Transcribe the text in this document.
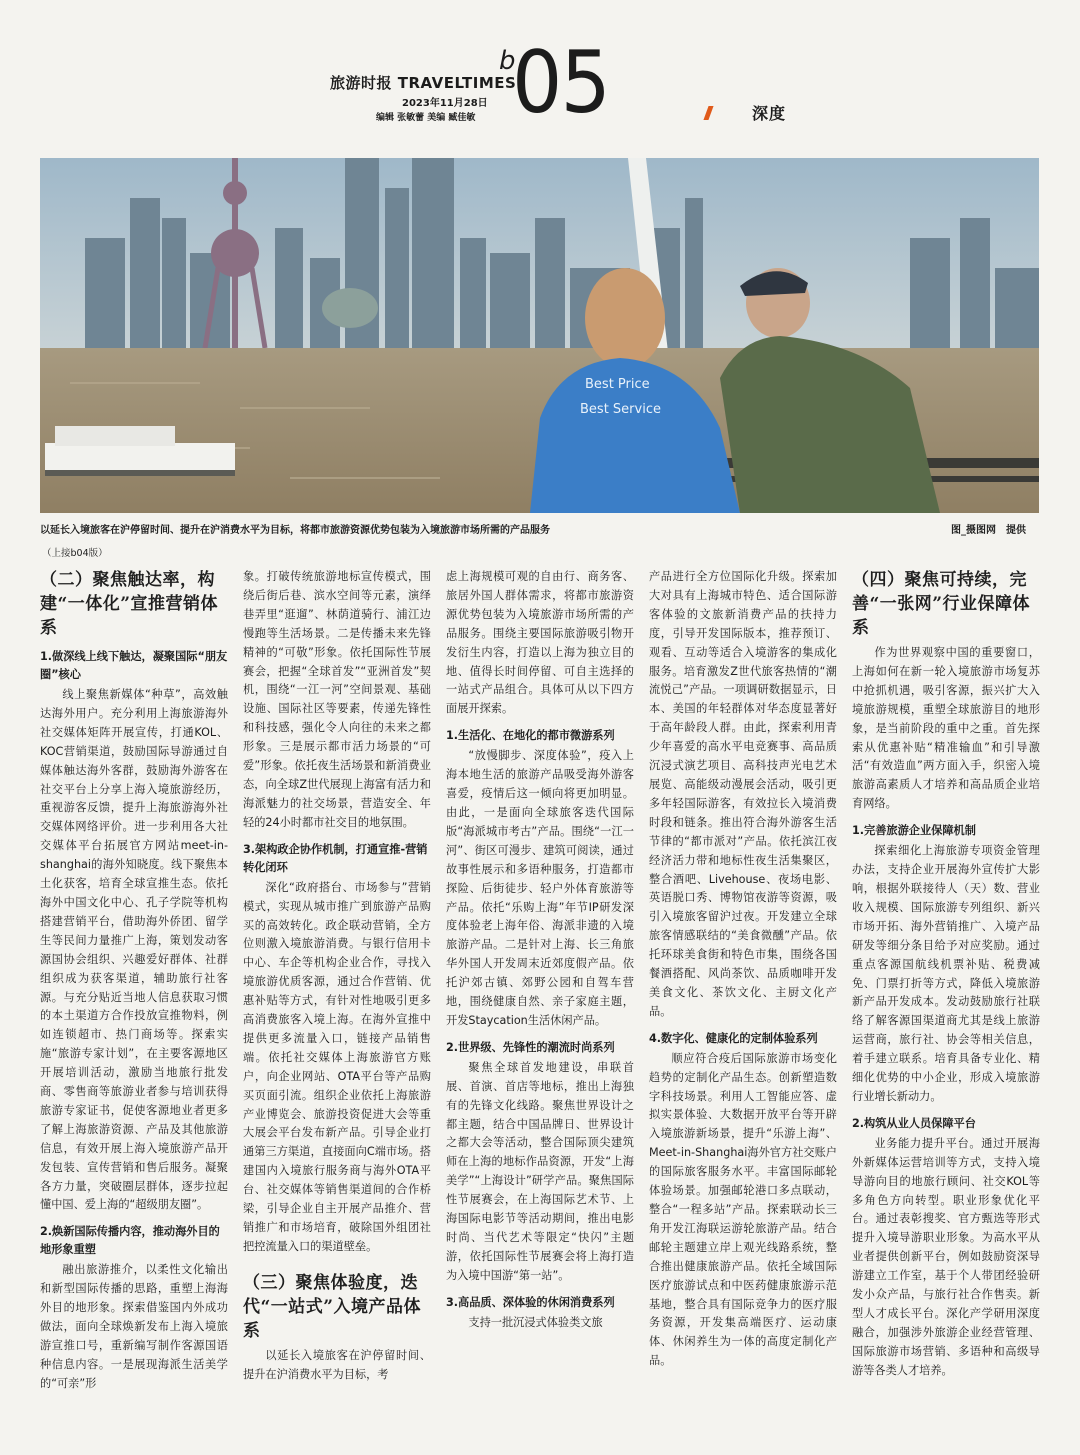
旅游时报 TRAVELTIMES
2023年11月28日
编辑 张敏蕾 美编 臧佳敏
b
05	深度
Best Price
Best Service
以延长入境旅客在沪停留时间、提升在沪消费水平为目标，将都市旅游资源优势包装为入境旅游市场所需的产品服务	图_摄图网　提供
（上接b04版）
（二）聚焦触达率，构建“一体化”宣推营销体系
1.做深线上线下触达，凝聚国际“朋友圈”核心

线上聚焦新媒体“种草”，高效触达海外用户。充分利用上海旅游海外社交媒体矩阵开展宣传，打通KOL、KOC营销渠道，鼓励国际导游通过自媒体触达海外客群，鼓励海外游客在社交平台上分享上海入境旅游经历，重视游客反馈，提升上海旅游海外社交媒体网络评价。进一步利用各大社交媒体平台拓展官方网站meet-in-shanghai的海外知晓度。线下聚焦本土化获客，培育全球宣推生态。依托海外中国文化中心、孔子学院等机构搭建营销平台，借助海外侨团、留学生等民间力量推广上海，策划发动客源国协会组织、兴趣爱好群体、社群组织成为获客渠道，辅助旅行社客源。与充分贴近当地人信息获取习惯的本土渠道方合作投放宣推物料，例如连锁超市、热门商场等。探索实施“旅游专家计划”，在主要客源地区开展培训活动，激励当地旅行批发商、零售商等旅游业者参与培训获得旅游专家证书，促使客源地业者更多了解上海旅游资源、产品及其他旅游信息，有效开展上海入境旅游产品开发包装、宣传营销和售后服务。凝聚各方力量，突破圈层群体，逐步拉起懂中国、爱上海的“超级朋友圈”。

2.焕新国际传播内容，推动海外目的地形象重塑

融出旅游推介，以柔性文化输出和新型国际传播的思路，重塑上海海外目的地形象。探索借鉴国内外成功做法，面向全球焕新发布上海入境旅游宣推口号，重新编写制作客源国语种信息内容。一是展现海派生活美学的“可亲”形

象。打破传统旅游地标宣传模式，围绕后街后巷、滨水空间等元素，演绎巷弄里“逛遛”、林荫道骑行、浦江边慢跑等生活场景。二是传播未来先锋精神的“可敬”形象。依托国际性节展赛会，把握“全球首发”“亚洲首发”契机，围绕“一江一河”空间景观、基础设施、国际社区等要素，传递先锋性和科技感，强化令人向往的未来之都形象。三是展示都市活力场景的“可爱”形象。依托夜生活场景和新消费业态，向全球Z世代展现上海富有活力和海派魅力的社交场景，营造安全、年轻的24小时都市社交目的地氛围。

3.架构政企协作机制，打通宣推-营销转化闭环

深化“政府搭台、市场参与”营销模式，实现从城市推广到旅游产品购买的高效转化。政企联动营销，全方位则激入境旅游消费。与银行信用卡中心、车企等机构企业合作，寻找入境旅游优质客源，通过合作营销、优惠补贴等方式，有针对性地吸引更多高消费旅客入境上海。在海外宣推中提供更多流量入口，链接产品销售端。依托社交媒体上海旅游官方账户，向企业网站、OTA平台等产品购买页面引流。组织企业依托上海旅游产业博览会、旅游投资促进大会等重大展会平台发布新产品。引导企业打通第三方渠道，直接面向C端市场。搭建国内入境旅行服务商与海外OTA平台、社交媒体等销售渠道间的合作桥梁，引导企业自主开展产品推介、营销推广和市场培育，破除国外组团社把控流量入口的渠道壁垒。

（三）聚焦体验度，迭代“一站式”入境产品体系

以延长入境旅客在沪停留时间、提升在沪消费水平为目标，考

虑上海规模可观的自由行、商务客、旅居外国人群体需求，将都市旅游资源优势包装为入境旅游市场所需的产品服务。围绕主要国际旅游吸引物开发衍生内容，打造以上海为独立目的地、值得长时间停留、可自主选择的一站式产品组合。具体可从以下四方面展开探索。

1.生活化、在地化的都市微游系列

“放慢脚步、深度体验”，疫入上海本地生活的旅游产品吸受海外游客喜爱，疫情后这一倾向将更加明显。由此，一是面向全球旅客迭代国际版“海派城市考古”产品。围绕“一江一河”、街区可漫步、建筑可阅读，通过故事性展示和多语种服务，打造都市探险、后街徒步、轻户外体育旅游等产品。依托“乐购上海”年节IP研发深度体验老上海年俗、海派非遗的入境旅游产品。二是针对上海、长三角旅华外国人开发周末近郊度假产品。依托沪郊古镇、郊野公园和自驾车营地，围绕健康自然、亲子家庭主题，开发Staycation生活休闲产品。

2.世界级、先锋性的潮流时尚系列

聚焦全球首发地建设，串联首展、首演、首店等地标，推出上海独有的先锋文化线路。聚焦世界设计之都主题，结合中国品牌日、世界设计之都大会等活动，整合国际顶尖建筑师在上海的地标作品资源，开发“上海美学”“上海设计”研学产品。聚焦国际性节展赛会，在上海国际艺术节、上海国际电影节等活动期间，推出电影时尚、当代艺术等限定“快闪”主题游，依托国际性节展赛会将上海打造为入境中国游“第一站”。

3.高品质、深体验的休闲消费系列

支持一批沉浸式体验类文旅

产品进行全方位国际化升级。探索加大对具有上海城市特色、适合国际游客体验的文旅新消费产品的扶持力度，引导开发国际版本，推荐预订、观看、互动等适合入境游客的集成化服务。培育激发Z世代旅客热情的“潮流悦己”产品。一项调研数据显示，日本、美国的年轻群体对华态度显著好于高年龄段人群。由此，探索利用青少年喜爱的高水平电竞赛事、高品质沉浸式演艺项目、高科技声光电艺术展览、高能级动漫展会活动，吸引更多年轻国际游客，有效拉长入境消费时段和链条。推出符合海外游客生活节律的“都市派对”产品。依托滨江夜经济活力带和地标性夜生活集聚区，整合酒吧、Livehouse、夜场电影、英语脱口秀、博物馆夜游等资源，吸引入境旅客留沪过夜。开发建立全球旅客情感联结的“美食微醺”产品。依托环球美食街和特色市集，围绕各国餐酒搭配、风尚茶饮、品质咖啡开发美食文化、茶饮文化、主厨文化产品。

4.数字化、健康化的定制体验系列

顺应符合疫后国际旅游市场变化趋势的定制化产品生态。创新塑造数字科技场景。利用人工智能应答、虚拟实景体验、大数据开放平台等开辟入境旅游新场景，提升“乐游上海”、Meet-in-Shanghai海外官方社交账户的国际旅客服务水平。丰富国际邮轮体验场景。加强邮轮港口多点联动，整合“一程多站”产品。探索联动长三角开发江海联运游轮旅游产品。结合邮轮主题建立岸上观光线路系统，整合推出健康旅游产品。依托全域国际医疗旅游试点和中医药健康旅游示范基地，整合具有国际竞争力的医疗服务资源，开发集高端医疗、运动康体、休闲养生为一体的高度定制化产品。

（四）聚焦可持续，完善“一张网”行业保障体系

作为世界观察中国的重要窗口，上海如何在新一轮入境旅游市场复苏中抢抓机遇，吸引客源，振兴扩大入境旅游规模，重塑全球旅游目的地形象，是当前阶段的重中之重。首先探索从优惠补贴“精准输血”和引导激活“有效造血”两方面入手，织密入境旅游高素质人才培养和高品质企业培育网络。

1.完善旅游企业保障机制

探索细化上海旅游专项资金管理办法，支持企业开展海外宣传扩大影响，根据外联接待人（天）数、营业收入规模、国际旅游专列组织、新兴市场开拓、海外营销推广、入境产品研发等细分条目给予对应奖励。通过重点客源国航线机票补贴、税费减免、门票打折等方式，降低入境旅游新产品开发成本。发动鼓励旅行社联络了解客源国渠道商尤其是线上旅游运营商，旅行社、协会等相关信息，着手建立联系。培育具备专业化、精细化优势的中小企业，形成入境旅游行业增长新动力。

2.构筑从业人员保障平台

业务能力提升平台。通过开展海外新媒体运营培训等方式，支持入境导游向目的地旅行顾问、社交KOL等多角色方向转型。职业形象优化平台。通过表彰搜奖、官方甄选等形式提升入境导游职业形象。为高水平从业者提供创新平台，例如鼓励资深导游建立工作室，基于个人带团经验研发小众产品，与旅行社合作售卖。新型人才成长平台。深化产学研用深度融合，加强涉外旅游企业经营管理、国际旅游市场营销、多语种和高级导游等各类人才培养。
